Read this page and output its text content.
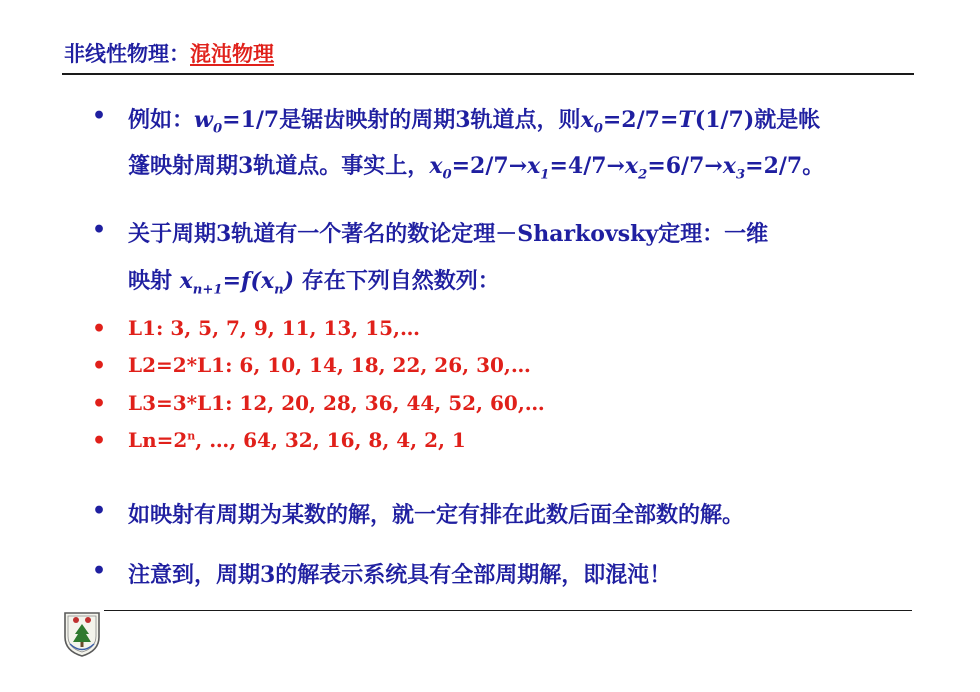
非线性物理：混沌物理
• 例如：$w_0=1/7$是锯齿映射的周期3轨道点，则$x_0=2/7=T(1/7)$就是帐
篷映射周期3轨道点。事实上，$x_0=2/7\to x_1=4/7\to x_2=6/7\to x_3=2/7$。
• 关于周期3轨道有一个著名的数论定理－Sharkovsky定理：一维
映射 $x_{n+1}=f(x_n)$ 存在下列自然数列：
• L1: 3, 5, 7, 9, 11, 13, 15,…
• L2=2*L1: 6, 10, 14, 18, 22, 26, 30,…
• L3=3*L1: 12, 20, 28, 36, 44, 52, 60,…
• $Ln=2^n$, …, 64, 32, 16, 8, 4, 2, 1
• 如映射有周期为某数的解，就一定有排在此数后面全部数的解。
• 注意到，周期3的解表示系统具有全部周期解，即混沌！
